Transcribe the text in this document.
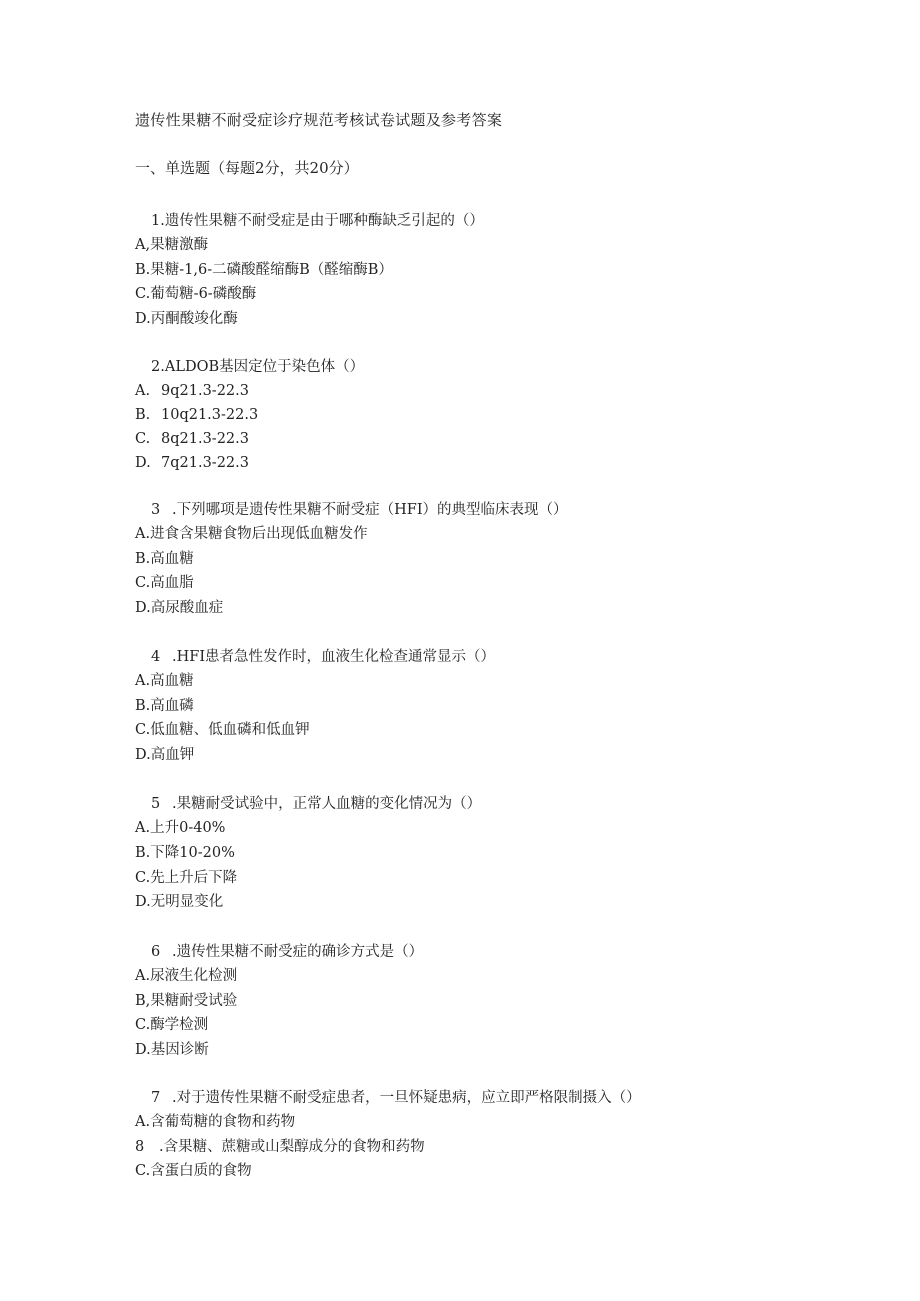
遗传性果糖不耐受症诊疗规范考核试卷试题及参考答案
一、单选题（每题2分，共20分）
1.遗传性果糖不耐受症是由于哪种酶缺乏引起的（）
A,果糖激酶
B.果糖-1,6-二磷酸醛缩酶B（醛缩酶B）
C.葡萄糖-6-磷酸酶
D.丙酮酸竣化酶
2.ALDOB基因定位于染色体（）
A. 9q21.3-22.3
B. 10q21.3-22.3
C. 8q21.3-22.3
D. 7q21.3-22.3
3 .下列哪项是遗传性果糖不耐受症（HFI）的典型临床表现（）
A.进食含果糖食物后出现低血糖发作
B.高血糖
C.高血脂
D.高尿酸血症
4 .HFI患者急性发作时，血液生化检查通常显示（）
A.高血糖
B.高血磷
C.低血糖、低血磷和低血钾
D.高血钾
5 .果糖耐受试验中，正常人血糖的变化情况为（）
A.上升0-40%
B.下降10-20%
C.先上升后下降
D.无明显变化
6 .遗传性果糖不耐受症的确诊方式是（）
A.尿液生化检测
B,果糖耐受试验
C.酶学检测
D.基因诊断
7 .对于遗传性果糖不耐受症患者，一旦怀疑患病，应立即严格限制摄入（）
A.含葡萄糖的食物和药物
8 .含果糖、蔗糖或山梨醇成分的食物和药物
C.含蛋白质的食物
